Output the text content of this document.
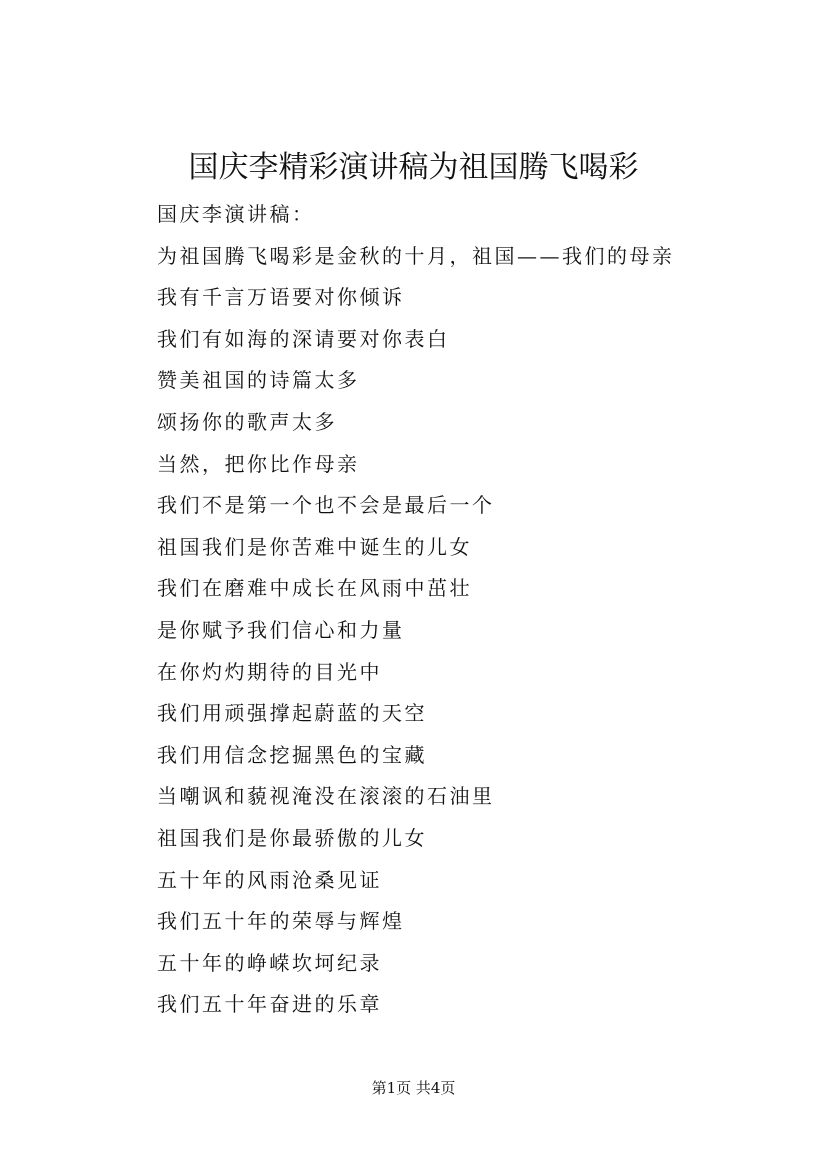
国庆李精彩演讲稿为祖国腾飞喝彩
国庆李演讲稿：
为祖国腾飞喝彩是金秋的十月，祖国——我们的母亲
我有千言万语要对你倾诉
我们有如海的深请要对你表白
赞美祖国的诗篇太多
颂扬你的歌声太多
当然，把你比作母亲
我们不是第一个也不会是最后一个
祖国我们是你苦难中诞生的儿女
我们在磨难中成长在风雨中茁壮
是你赋予我们信心和力量
在你灼灼期待的目光中
我们用顽强撑起蔚蓝的天空
我们用信念挖掘黑色的宝藏
当嘲讽和藐视淹没在滚滚的石油里
祖国我们是你最骄傲的儿女
五十年的风雨沧桑见证
我们五十年的荣辱与辉煌
五十年的峥嵘坎坷纪录
我们五十年奋进的乐章
第1页 共4页
